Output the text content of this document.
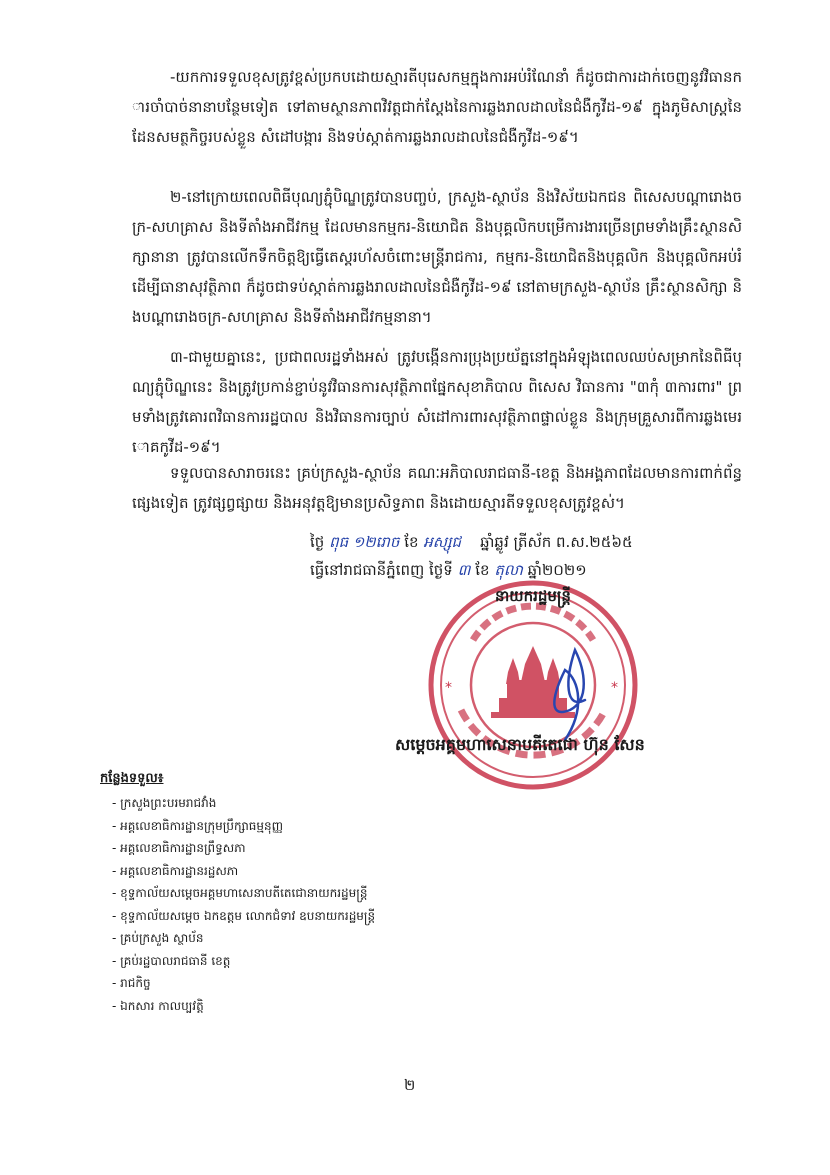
-យកការទទួលខុសត្រូវខ្ពស់ប្រកបដោយស្មារតីបុរេសកម្មក្នុងការអប់រំណែនាំ ក៏ដូចជាការដាក់ចេញនូវវិធានការចាំបាច់នានាបន្ថែមទៀត ទៅតាមស្ថានភាពវិវត្តជាក់ស្តែងនៃការឆ្លងរាលដាលនៃជំងឺកូវីដ-១៩ ក្នុងភូមិសាស្ត្រនៃដែនសមត្ថកិច្ចរបស់ខ្លួន សំដៅបង្ការ និងទប់ស្កាត់ការឆ្លងរាលដាលនៃជំងឺកូវីដ-១៩។
២-នៅក្រោយពេលពិធីបុណ្យភ្ជុំបិណ្ឌត្រូវបានបញ្ចប់, ក្រសួង-ស្ថាប័ន និងវិស័យឯកជន ពិសេសបណ្តារោងចក្រ-សហគ្រាស និងទីតាំងអាជីវកម្ម ដែលមានកម្មករ-និយោជិត និងបុគ្គលិកបម្រើការងារច្រើនព្រមទាំងគ្រឹះស្ថានសិក្សានានា ត្រូវបានលើកទឹកចិត្តឱ្យធ្វើតេស្តរហ័សចំពោះមន្ត្រីរាជការ, កម្មករ-និយោជិតនិងបុគ្គលិក និងបុគ្គលិកអប់រំ ដើម្បីធានាសុវត្ថិភាព ក៏ដូចជាទប់ស្កាត់ការឆ្លងរាលដាលនៃជំងឺកូវីដ-១៩ នៅតាមក្រសួង-ស្ថាប័ន គ្រឹះស្ថានសិក្សា និងបណ្តារោងចក្រ-សហគ្រាស និងទីតាំងអាជីវកម្មនានា។
៣-ជាមួយគ្នានេះ, ប្រជាពលរដ្ឋទាំងអស់ ត្រូវបង្កើនការប្រុងប្រយ័ត្ននៅក្នុងអំឡុងពេលឈប់សម្រាកនៃពិធីបុណ្យភ្ជុំបិណ្ឌនេះ និងត្រូវប្រកាន់ខ្ជាប់នូវវិធានការសុវត្ថិភាពផ្នែកសុខាភិបាល ពិសេស វិធានការ "៣កុំ ៣ការពារ" ព្រមទាំងត្រូវគោរពវិធានការរដ្ឋបាល និងវិធានការច្បាប់ សំដៅការពារសុវត្ថិភាពផ្ទាល់ខ្លួន និងក្រុមគ្រួសារពីការឆ្លងមេរោគកូវីដ-១៩។
ទទួលបានសារាចរនេះ គ្រប់ក្រសួង-ស្ថាប័ន គណៈអភិបាលរាជធានី-ខេត្ត និងអង្គភាពដែលមានការពាក់ព័ន្ធផ្សេងទៀត ត្រូវផ្សព្វផ្សាយ និងអនុវត្តឱ្យមានប្រសិទ្ធភាព និងដោយស្មារតីទទួលខុសត្រូវខ្ពស់។
ថ្ងៃ ពុធ ១២រោច ខែ អស្សុជ ឆ្នាំឆ្លូវ ត្រីស័ក ព.ស.២៥៦៥
ធ្វើនៅរាជធានីភ្នំពេញ ថ្ងៃទី ៣ ខែ តុលា ឆ្នាំ២០២១
*	*
នាយករដ្ឋមន្ត្រី
សម្តេចអគ្គមហាសេនាបតីតេជោ ហ៊ុន សែន
កន្លែងទទួល៖
- ក្រសួងព្រះបរមរាជវាំង
- អគ្គលេខាធិការដ្ឋានក្រុមប្រឹក្សាធម្មនុញ្ញ
- អគ្គលេខាធិការដ្ឋានព្រឹទ្ធសភា
- អគ្គលេខាធិការដ្ឋានរដ្ឋសភា
- ខុទ្ទកាល័យសម្តេចអគ្គមហាសេនាបតីតេជោនាយករដ្ឋមន្ត្រី
- ខុទ្ទកាល័យសម្តេច ឯកឧត្តម លោកជំទាវ ឧបនាយករដ្ឋមន្ត្រី
- គ្រប់ក្រសួង ស្ថាប័ន
- គ្រប់រដ្ឋបាលរាជធានី ខេត្ត
- រាជកិច្ច
- ឯកសារ កាលប្បវត្តិ
២
